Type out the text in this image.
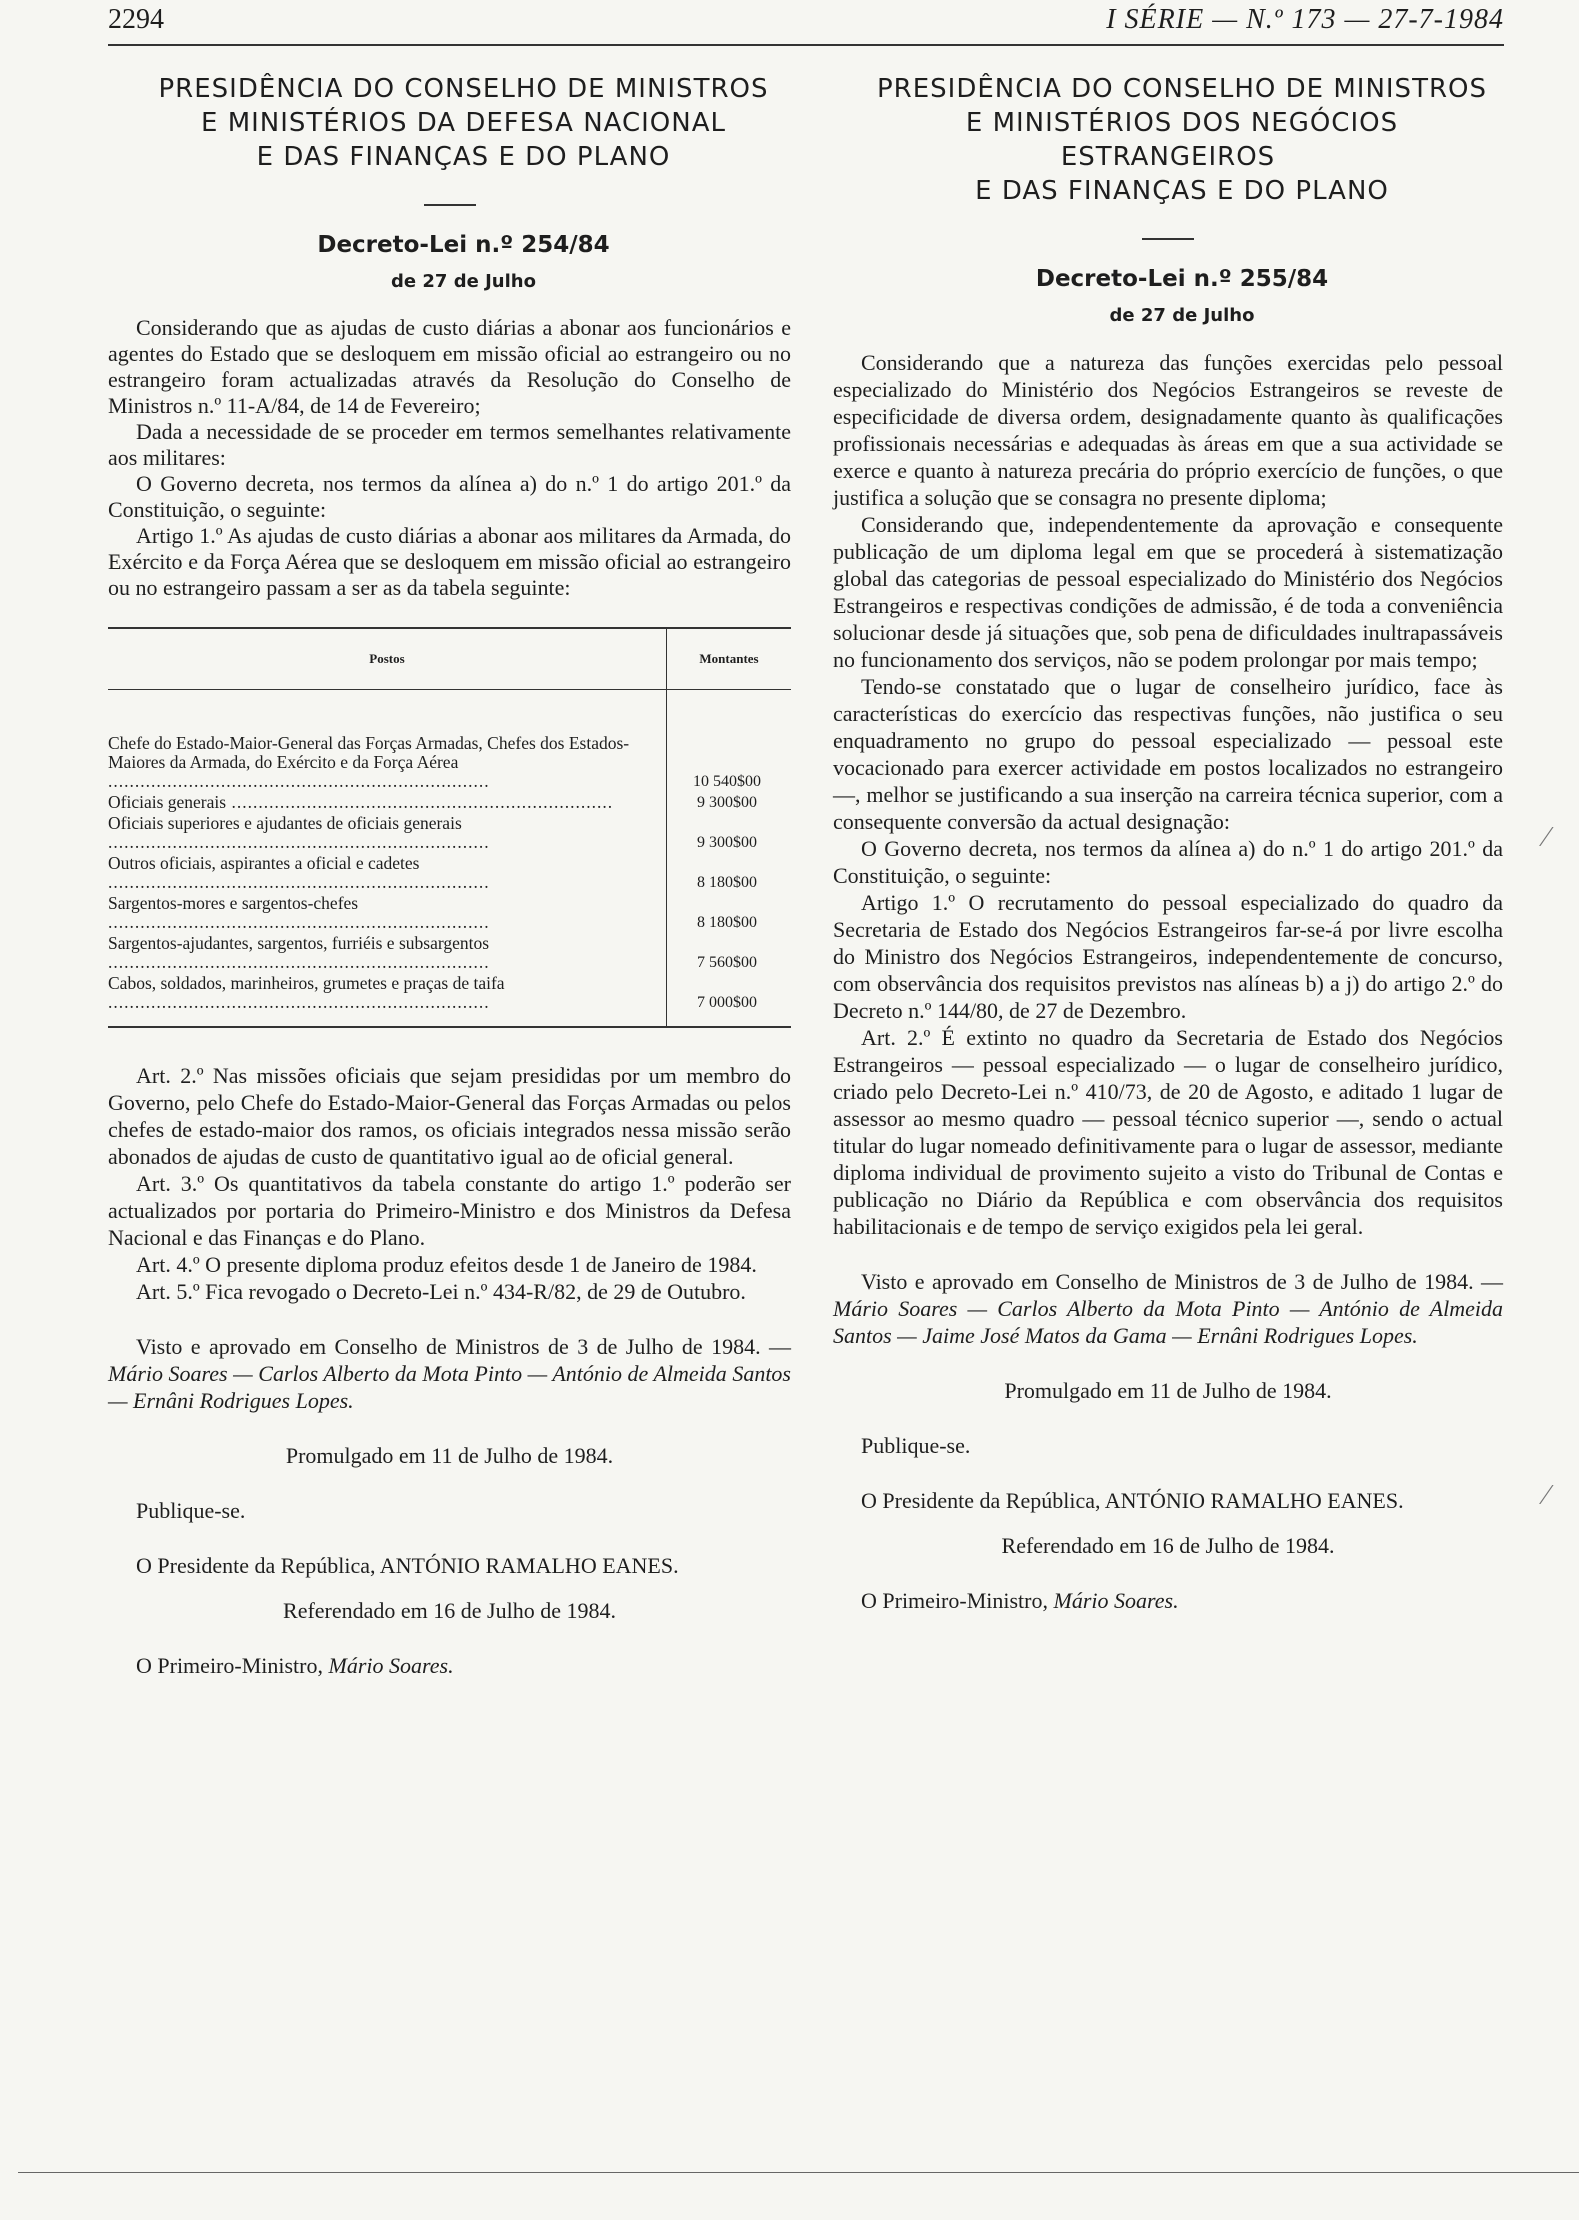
2294	I SÉRIE — N.º 173 — 27-7-1984

PRESIDÊNCIA DO CONSELHO DE MINISTROS

E MINISTÉRIOS DA DEFESA NACIONAL

E DAS FINANÇAS E DO PLANO

Decreto-Lei n.º 254/84

de 27 de Julho

Considerando que as ajudas de custo diárias a abonar aos funcionários e agentes do Estado que se desloquem em missão oficial ao estrangeiro ou no estrangeiro foram actualizadas através da Resolução do Conselho de Ministros n.º 11-A/84, de 14 de Fevereiro;

Dada a necessidade de se proceder em termos semelhantes relativamente aos militares:

O Governo decreta, nos termos da alínea a) do n.º 1 do artigo 201.º da Constituição, o seguinte:

Artigo 1.º As ajudas de custo diárias a abonar aos militares da Armada, do Exército e da Força Aérea que se desloquem em missão oficial ao estrangeiro ou no estrangeiro passam a ser as da tabela seguinte:

Postos	Montantes
Chefe do Estado-Maior-General das Forças Armadas, Chefes dos Estados-Maiores da Armada, do Exército e da Força Aérea .....	10 540$00
Oficiais generais .....	9 300$00
Oficiais superiores e ajudantes de oficiais generais .....	9 300$00
Outros oficiais, aspirantes a oficial e cadetes .....	8 180$00
Sargentos-mores e sargentos-chefes .....	8 180$00
Sargentos-ajudantes, sargentos, furriéis e subsargentos .....	7 560$00
Cabos, soldados, marinheiros, grumetes e praças de taifa .....	7 000$00

Art. 2.º Nas missões oficiais que sejam presididas por um membro do Governo, pelo Chefe do Estado-Maior-General das Forças Armadas ou pelos chefes de estado-maior dos ramos, os oficiais integrados nessa missão serão abonados de ajudas de custo de quantitativo igual ao de oficial general.

Art. 3.º Os quantitativos da tabela constante do artigo 1.º poderão ser actualizados por portaria do Primeiro-Ministro e dos Ministros da Defesa Nacional e das Finanças e do Plano.

Art. 4.º O presente diploma produz efeitos desde 1 de Janeiro de 1984.

Art. 5.º Fica revogado o Decreto-Lei n.º 434-R/82, de 29 de Outubro.

Visto e aprovado em Conselho de Ministros de 3 de Julho de 1984. — Mário Soares — Carlos Alberto da Mota Pinto — António de Almeida Santos — Ernâni Rodrigues Lopes.

Promulgado em 11 de Julho de 1984.

Publique-se.

O Presidente da República, ANTÓNIO RAMALHO EANES.

Referendado em 16 de Julho de 1984.

O Primeiro-Ministro, Mário Soares.

PRESIDÊNCIA DO CONSELHO DE MINISTROS

E MINISTÉRIOS DOS NEGÓCIOS ESTRANGEIROS

E DAS FINANÇAS E DO PLANO

Decreto-Lei n.º 255/84

de 27 de Julho

Considerando que a natureza das funções exercidas pelo pessoal especializado do Ministério dos Negócios Estrangeiros se reveste de especificidade de diversa ordem, designadamente quanto às qualificações profissionais necessárias e adequadas às áreas em que a sua actividade se exerce e quanto à natureza precária do próprio exercício de funções, o que justifica a solução que se consagra no presente diploma;

Considerando que, independentemente da aprovação e consequente publicação de um diploma legal em que se procederá à sistematização global das categorias de pessoal especializado do Ministério dos Negócios Estrangeiros e respectivas condições de admissão, é de toda a conveniência solucionar desde já situações que, sob pena de dificuldades inultrapassáveis no funcionamento dos serviços, não se podem prolongar por mais tempo;

Tendo-se constatado que o lugar de conselheiro jurídico, face às características do exercício das respectivas funções, não justifica o seu enquadramento no grupo do pessoal especializado — pessoal este vocacionado para exercer actividade em postos localizados no estrangeiro —, melhor se justificando a sua inserção na carreira técnica superior, com a consequente conversão da actual designação:

O Governo decreta, nos termos da alínea a) do n.º 1 do artigo 201.º da Constituição, o seguinte:

Artigo 1.º O recrutamento do pessoal especializado do quadro da Secretaria de Estado dos Negócios Estrangeiros far-se-á por livre escolha do Ministro dos Negócios Estrangeiros, independentemente de concurso, com observância dos requisitos previstos nas alíneas b) a j) do artigo 2.º do Decreto n.º 144/80, de 27 de Dezembro.

Art. 2.º É extinto no quadro da Secretaria de Estado dos Negócios Estrangeiros — pessoal especializado — o lugar de conselheiro jurídico, criado pelo Decreto-Lei n.º 410/73, de 20 de Agosto, e aditado 1 lugar de assessor ao mesmo quadro — pessoal técnico superior —, sendo o actual titular do lugar nomeado definitivamente para o lugar de assessor, mediante diploma individual de provimento sujeito a visto do Tribunal de Contas e publicação no Diário da República e com observância dos requisitos habilitacionais e de tempo de serviço exigidos pela lei geral.

Visto e aprovado em Conselho de Ministros de 3 de Julho de 1984. — Mário Soares — Carlos Alberto da Mota Pinto — António de Almeida Santos — Jaime José Matos da Gama — Ernâni Rodrigues Lopes.

Promulgado em 11 de Julho de 1984.

Publique-se.

O Presidente da República, ANTÓNIO RAMALHO EANES.

Referendado em 16 de Julho de 1984.

O Primeiro-Ministro, Mário Soares.

⁄
⁄
